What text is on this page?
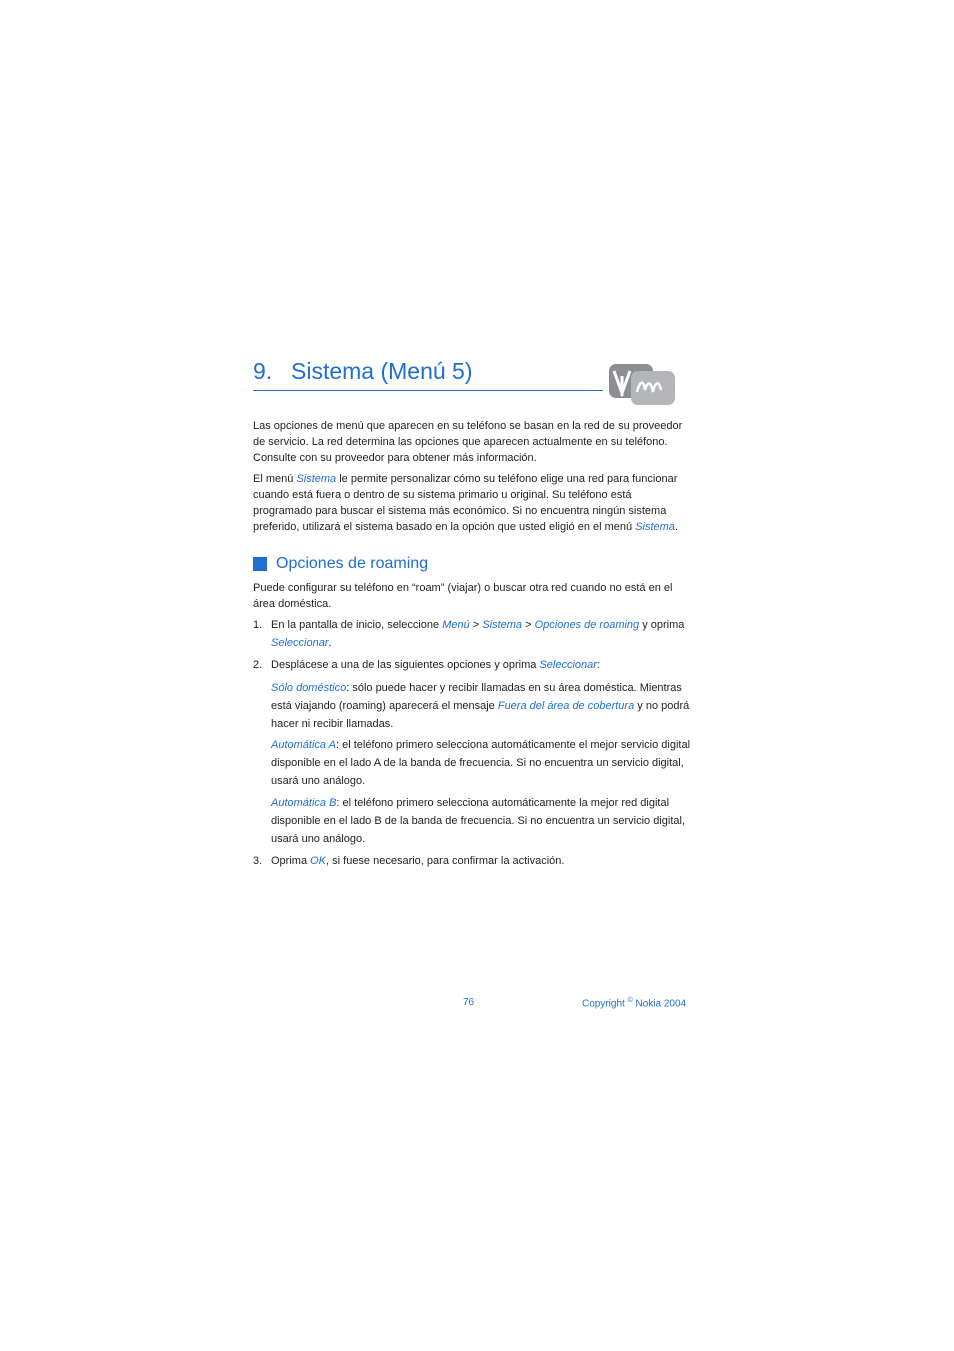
9. Sistema (Menú 5)

Las opciones de menú que aparecen en su teléfono se basan en la red de su proveedor de servicio. La red determina las opciones que aparecen actualmente en su teléfono. Consulte con su proveedor para obtener más información.

El menú Sistema le permite personalizar cómo su teléfono elige una red para funcionar cuando está fuera o dentro de su sistema primario u original. Su teléfono está programado para buscar el sistema más económico. Si no encuentra ningún sistema preferido, utilizará el sistema basado en la opción que usted eligió en el menú Sistema.

Opciones de roaming

Puede configurar su teléfono en “roam” (viajar) o buscar otra red cuando no está en el área doméstica.

1. En la pantalla de inicio, seleccione Menú > Sistema > Opciones de roaming y oprima Seleccionar.

2. Desplácese a una de las siguientes opciones y oprima Seleccionar:

Sólo doméstico: sólo puede hacer y recibir llamadas en su área doméstica. Mientras está viajando (roaming) aparecerá el mensaje Fuera del área de cobertura y no podrá hacer ni recibir llamadas.

Automática A: el teléfono primero selecciona automáticamente el mejor servicio digital disponible en el lado A de la banda de frecuencia. Si no encuentra un servicio digital, usará uno análogo.

Automática B: el teléfono primero selecciona automáticamente la mejor red digital disponible en el lado B de la banda de frecuencia. Si no encuentra un servicio digital, usará uno análogo.

3. Oprima OK, si fuese necesario, para confirmar la activación.

76	Copyright © Nokia 2004
